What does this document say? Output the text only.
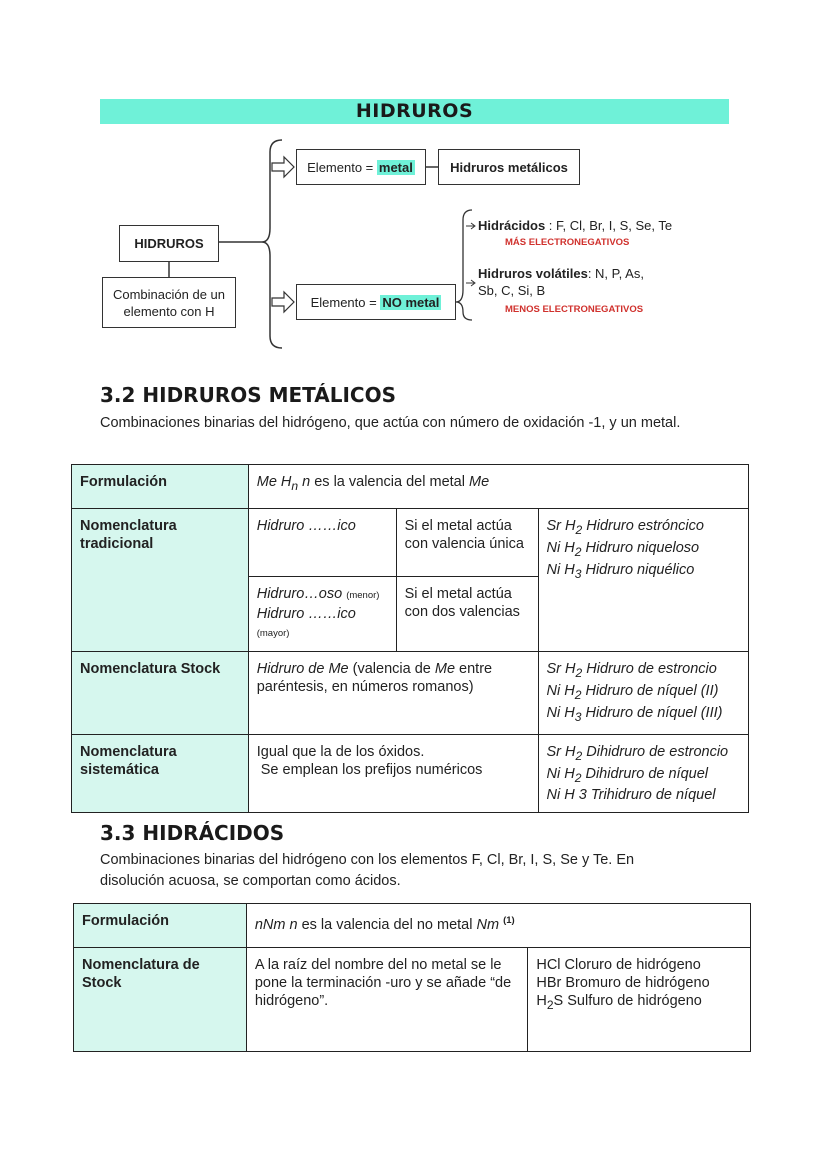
HIDRUROS
HIDRUROS
Combinación de un elemento con H
Elemento = metal	Hidruros metálicos
Elemento = NO metal
Hidrácidos : F, Cl, Br, I, S, Se, Te
MÁS ELECTRONEGATIVOS
Hidruros volátiles: N, P, As,
Sb, C, Si, B
MENOS ELECTRONEGATIVOS
3.2 HIDRUROS METÁLICOS
Combinaciones binarias del hidrógeno, que actúa con número de oxidación -1, y un metal.
Formulación	Me $H_n$ n es la valencia del metal Me		
Nomenclatura tradicional	Hidruro ……ico	Si el metal actúa con valencia única	Sr $H_2$ Hidruro estróncico
Ni $H_2$ Hidruro niqueloso
Ni $H_3$ Hidruro niquélico
	Hidruro…oso (menor)
Hidruro ……ico
(mayor)	Si el metal actúa con dos valencias	
Nomenclatura Stock	Hidruro de Me (valencia de Me entre paréntesis, en números romanos)		Sr $H_2$ Hidruro de estroncio
Ni $H_2$ Hidruro de níquel (II)
Ni $H_3$ Hidruro de níquel (III)
Nomenclatura sistemática	Igual que la de los óxidos.
Se emplean los prefijos numéricos		Sr $H_2$ Dihidruro de estroncio
Ni $H_2$ Dihidruro de níquel
Ni H 3 Trihidruro de níquel
3.3 HIDRÁCIDOS
Combinaciones binarias del hidrógeno con los elementos F, Cl, Br, I, S, Se y Te. En disolución acuosa, se comportan como ácidos.
Formulación	nNm n es la valencia del no metal Nm $^{(1)}$
Nomenclatura de Stock	A la raíz del nombre del no metal se le pone la terminación -uro y se añade “de hidrógeno”.	HCl Cloruro de hidrógeno
HBr Bromuro de hidrógeno
$H_2S$ Sulfuro de hidrógeno
